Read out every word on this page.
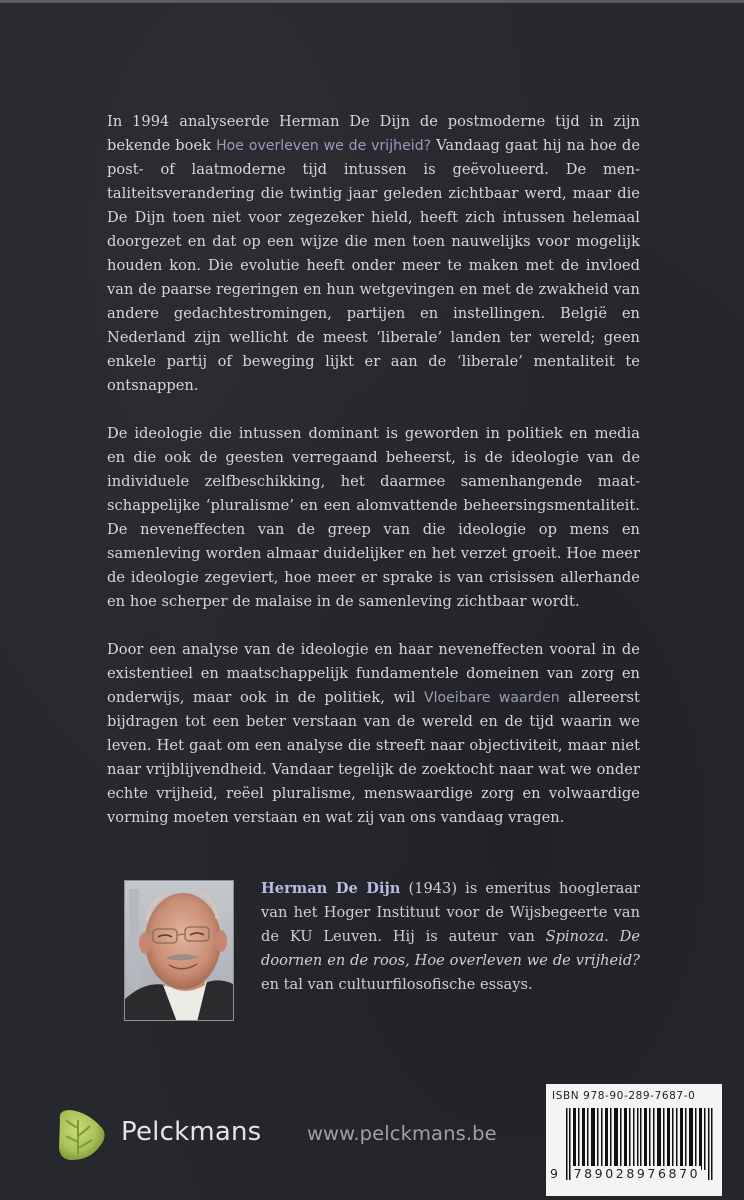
In 1994 analyseerde Herman De Dijn de postmoderne tijd in zijn bekende boek Hoe overleven we de vrijheid? Vandaag gaat hij na hoe de post- of laatmoderne tijd intussen is geëvolueerd. De mentaliteitsverandering die twintig jaar geleden zichtbaar werd, maar die De Dijn toen niet voor zegezeker hield, heeft zich intussen helemaal doorgezet en dat op een wijze die men toen nauwelijks voor mogelijk houden kon. Die evolutie heeft onder meer te maken met de invloed van de paarse regeringen en hun wetgevingen en met de zwakheid van andere gedachtestromingen, partijen en instellingen. België en Nederland zijn wellicht de meest ‘liberale’ landen ter wereld; geen enkele partij of beweging lijkt er aan de ‘liberale’ mentaliteit te ontsnappen.

De ideologie die intussen dominant is geworden in politiek en media en die ook de geesten verregaand beheerst, is de ideologie van de individuele zelfbeschikking, het daarmee samenhangende maatschappelijke ‘pluralisme’ en een alomvattende beheersingsmentaliteit. De neveneffecten van de greep van die ideologie op mens en samenleving worden almaar duidelijker en het verzet groeit. Hoe meer de ideologie zegeviert, hoe meer er sprake is van crisissen allerhande en hoe scherper de malaise in de samenleving zichtbaar wordt.

Door een analyse van de ideologie en haar neveneffecten vooral in de existentieel en maatschappelijk fundamentele domeinen van zorg en onderwijs, maar ook in de politiek, wil Vloeibare waarden allereerst bijdragen tot een beter verstaan van de wereld en de tijd waarin we leven. Het gaat om een analyse die streeft naar objectiviteit, maar niet naar vrijblijvendheid. Vandaar tegelijk de zoektocht naar wat we onder echte vrijheid, reëel pluralisme, menswaardige zorg en volwaardige vorming moeten verstaan en wat zij van ons vandaag vragen.

Herman De Dijn (1943) is emeritus hoogleraar van het Hoger Instituut voor de Wijsbegeerte van de KU Leuven. Hij is auteur van Spinoza. De doornen en de roos, Hoe overleven we de vrijheid? en tal van cultuurfilosofische essays.

Pelckmans www.pelckmans.be
ISBN 978-90-289-7687-0
9 789028976870
